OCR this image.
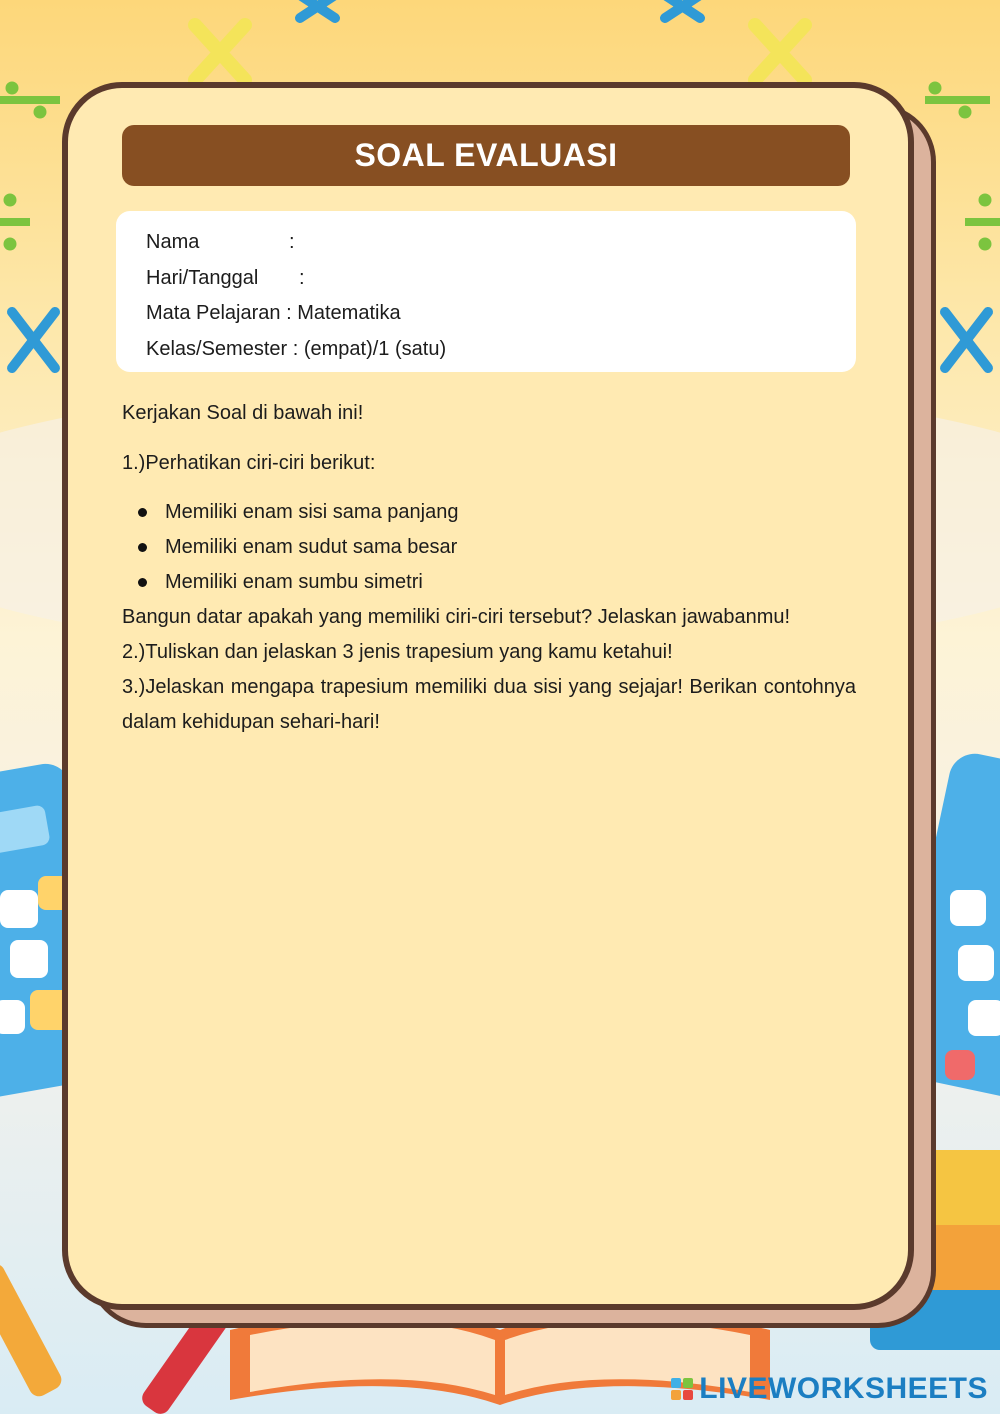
SOAL EVALUASI
Nama	:
Hari/Tanggal :
Mata Pelajaran : Matematika
Kelas/Semester : (empat)/1 (satu)

Kerjakan Soal di bawah ini!

1.)Perhatikan ciri-ciri berikut:

Memiliki enam sisi sama panjang
Memiliki enam sudut sama besar
Memiliki enam sumbu simetri

Bangun datar apakah yang memiliki ciri-ciri tersebut? Jelaskan jawabanmu!

2.)Tuliskan dan jelaskan 3 jenis trapesium yang kamu ketahui!

3.)Jelaskan mengapa trapesium memiliki dua sisi yang sejajar! Berikan contohnya dalam kehidupan sehari-hari!

LIVEWORKSHEETS
